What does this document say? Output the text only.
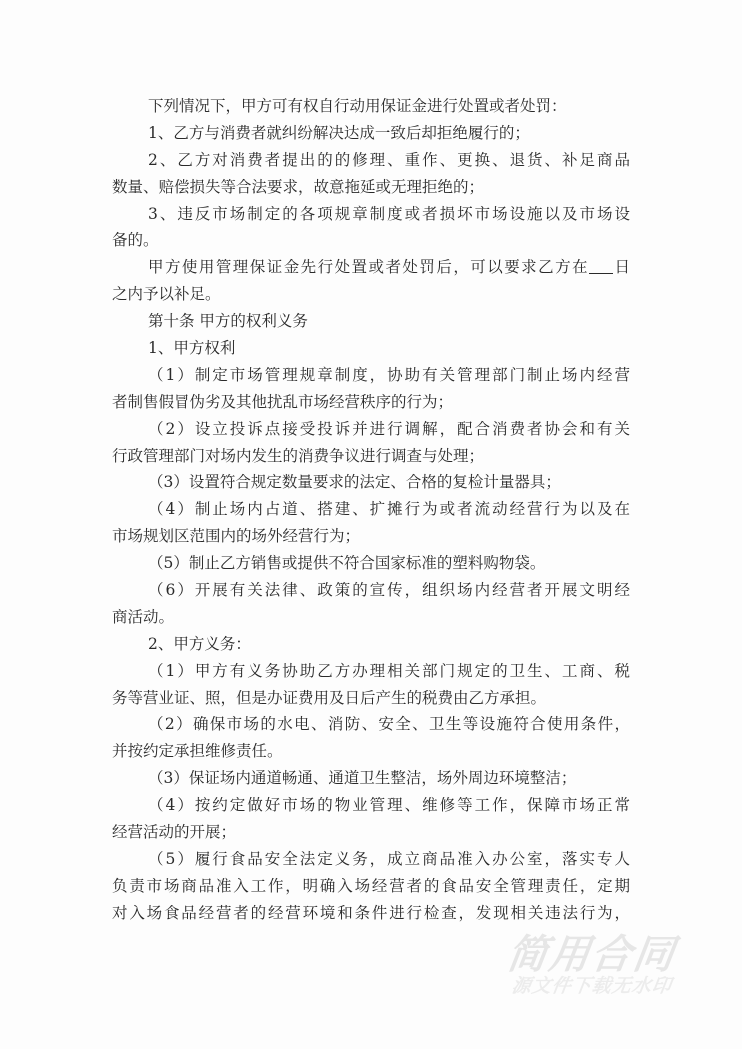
下列情况下，甲方可有权自行动用保证金进行处置或者处罚：
1、乙方与消费者就纠纷解决达成一致后却拒绝履行的；
2、乙方对消费者提出的的修理、重作、更换、退货、补足商品
数量、赔偿损失等合法要求，故意拖延或无理拒绝的；
3、违反市场制定的各项规章制度或者损坏市场设施以及市场设
备的。
甲方使用管理保证金先行处置或者处罚后，可以要求乙方在 日
之内予以补足。
第十条 甲方的权利义务
1、甲方权利
（1）制定市场管理规章制度，协助有关管理部门制止场内经营
者制售假冒伪劣及其他扰乱市场经营秩序的行为；
（2）设立投诉点接受投诉并进行调解，配合消费者协会和有关
行政管理部门对场内发生的消费争议进行调查与处理；
（3）设置符合规定数量要求的法定、合格的复检计量器具；
（4）制止场内占道、搭建、扩摊行为或者流动经营行为以及在
市场规划区范围内的场外经营行为；
（5）制止乙方销售或提供不符合国家标准的塑料购物袋。
（6）开展有关法律、政策的宣传，组织场内经营者开展文明经
商活动。
2、甲方义务：
（1）甲方有义务协助乙方办理相关部门规定的卫生、工商、税
务等营业证、照，但是办证费用及日后产生的税费由乙方承担。
（2）确保市场的水电、消防、安全、卫生等设施符合使用条件，
并按约定承担维修责任。
（3）保证场内通道畅通、通道卫生整洁，场外周边环境整洁；
（4）按约定做好市场的物业管理、维修等工作，保障市场正常
经营活动的开展；
（5）履行食品安全法定义务，成立商品准入办公室，落实专人
负责市场商品准入工作，明确入场经营者的食品安全管理责任，定期
对入场食品经营者的经营环境和条件进行检查，发现相关违法行为，
简用合同
源文件下载无水印
